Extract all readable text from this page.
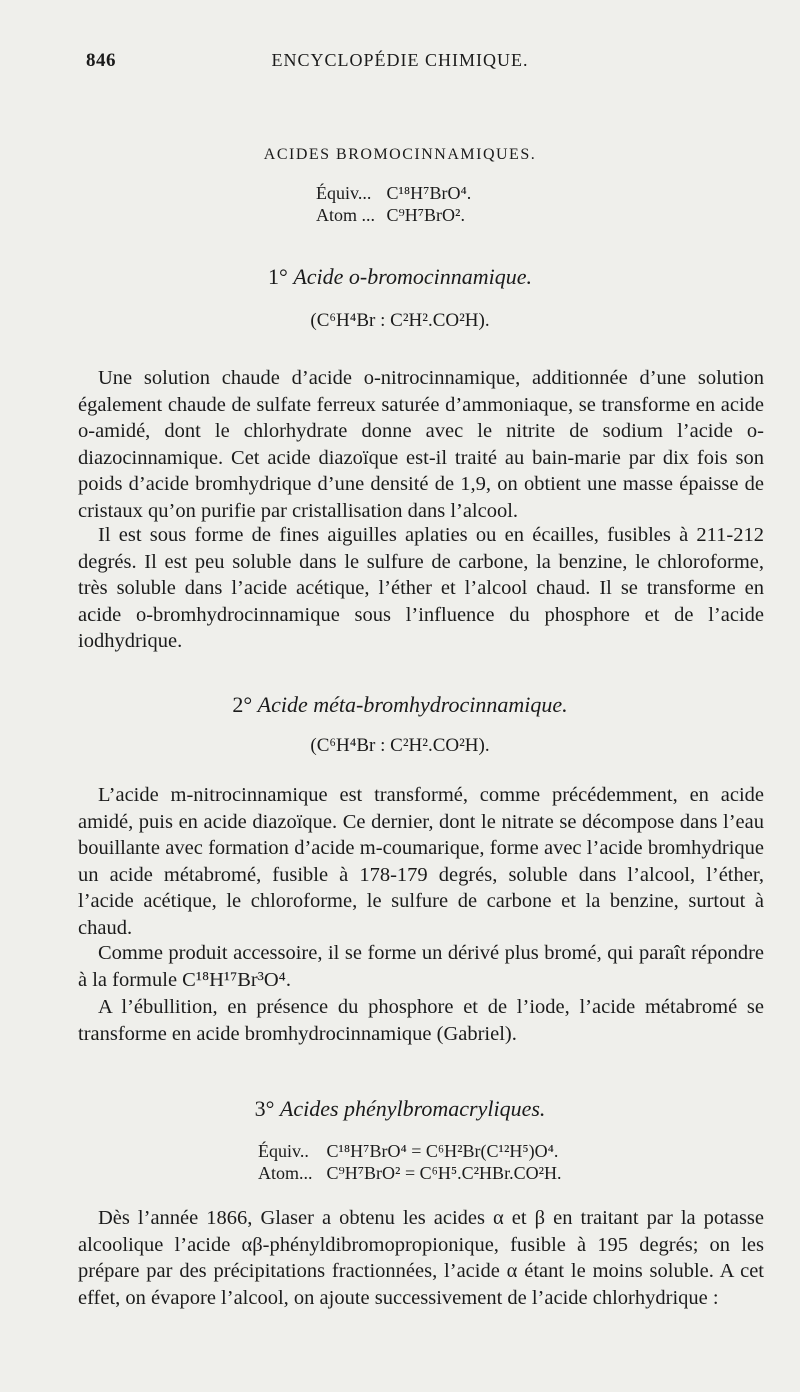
846	ENCYCLOPÉDIE CHIMIQUE.
ACIDES BROMOCINNAMIQUES.
Équiv... C¹⁸H⁷BrO⁴.
Atom ... C⁹H⁷BrO².
1° Acide o-bromocinnamique.
(C⁶H⁴Br : C²H².CO²H).

Une solution chaude d’acide o-nitrocinnamique, additionnée d’une solution également chaude de sulfate ferreux saturée d’ammoniaque, se transforme en acide o-amidé, dont le chlorhydrate donne avec le nitrite de sodium l’acide o-diazocinnamique. Cet acide diazoïque est-il traité au bain-marie par dix fois son poids d’acide bromhydrique d’une densité de 1,9, on obtient une masse épaisse de cristaux qu’on purifie par cristallisation dans l’alcool.

Il est sous forme de fines aiguilles aplaties ou en écailles, fusibles à 211-212 degrés. Il est peu soluble dans le sulfure de carbone, la benzine, le chloroforme, très soluble dans l’acide acétique, l’éther et l’alcool chaud. Il se transforme en acide o-bromhydrocinnamique sous l’influence du phosphore et de l’acide iodhydrique.

2° Acide méta-bromhydrocinnamique.
(C⁶H⁴Br : C²H².CO²H).

L’acide m-nitrocinnamique est transformé, comme précédemment, en acide amidé, puis en acide diazoïque. Ce dernier, dont le nitrate se décompose dans l’eau bouillante avec formation d’acide m-coumarique, forme avec l’acide bromhydrique un acide métabromé, fusible à 178-179 degrés, soluble dans l’alcool, l’éther, l’acide acétique, le chloroforme, le sulfure de carbone et la benzine, surtout à chaud.

Comme produit accessoire, il se forme un dérivé plus bromé, qui paraît répondre à la formule C¹⁸H¹⁷Br³O⁴.

A l’ébullition, en présence du phosphore et de l’iode, l’acide métabromé se transforme en acide bromhydrocinnamique (Gabriel).

3° Acides phénylbromacryliques.
Équiv.. C¹⁸H⁷BrO⁴ = C⁶H²Br(C¹²H⁵)O⁴.
Atom... C⁹H⁷BrO² = C⁶H⁵.C²HBr.CO²H.

Dès l’année 1866, Glaser a obtenu les acides α et β en traitant par la potasse alcoolique l’acide αβ-phényldibromopropionique, fusible à 195 degrés; on les prépare par des précipitations fractionnées, l’acide α étant le moins soluble. A cet effet, on évapore l’alcool, on ajoute successivement de l’acide chlorhydrique :
